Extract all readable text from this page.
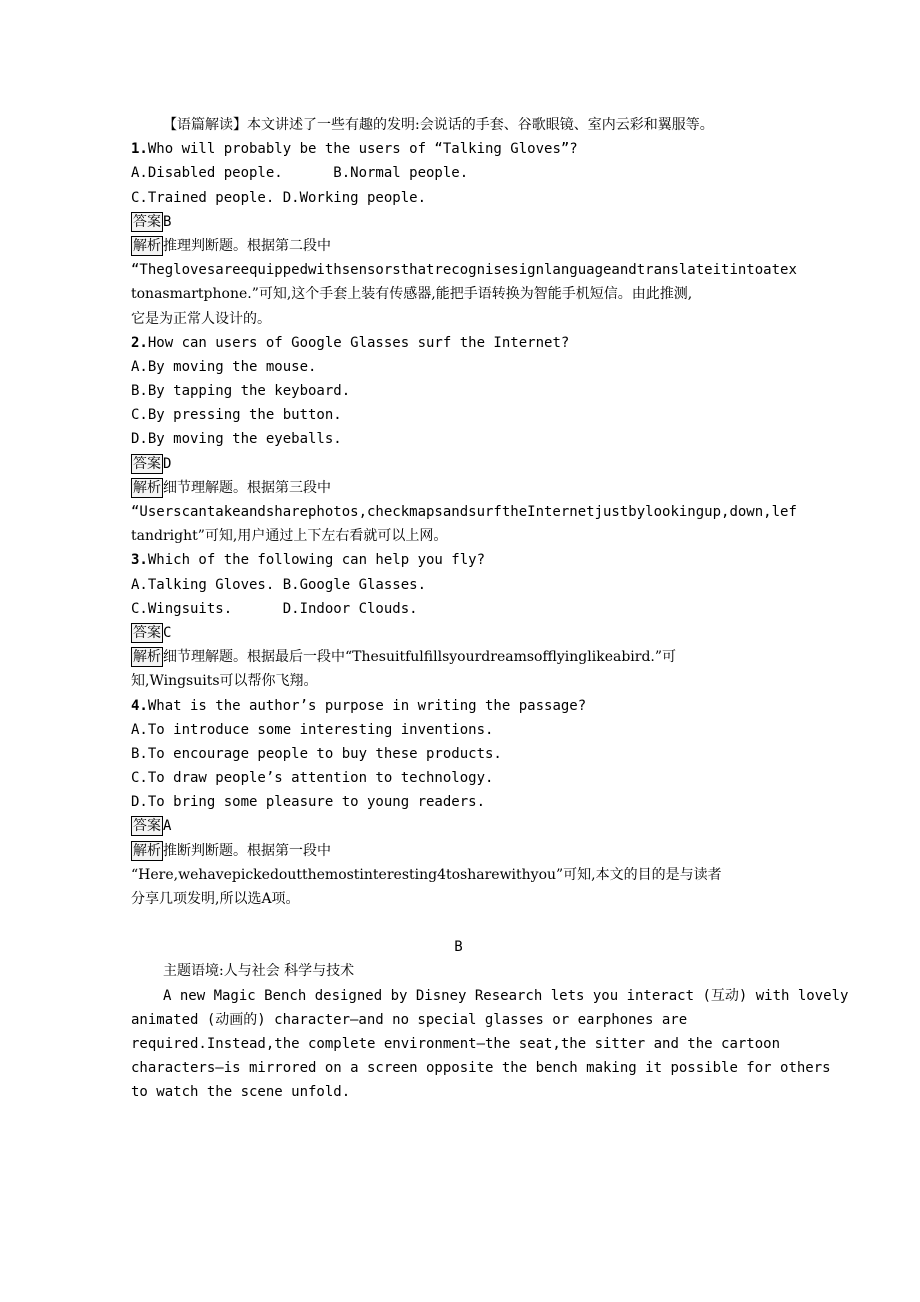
【语篇解读】本文讲述了一些有趣的发明:会说话的手套、谷歌眼镜、室内云彩和翼服等。
1.Who will probably be the users of “Talking Gloves”?
A.Disabled people.      B.Normal people.
C.Trained people. D.Working people.
答案 B
解析 推理判断题。根据第二段中
“Theglovesareequippedwithsensorsthatrecognisesignlanguageandtranslateitintoatex
tonasmartphone.”可知,这个手套上装有传感器,能把手语转换为智能手机短信。由此推测,
它是为正常人设计的。
2.How can users of Google Glasses surf the Internet?
A.By moving the mouse.
B.By tapping the keyboard.
C.By pressing the button.
D.By moving the eyeballs.
答案 D
解析 细节理解题。根据第三段中
“Userscantakeandsharephotos,checkmapsandsurftheInternetjustbylookingup,down,lef
tandright”可知,用户通过上下左右看就可以上网。
3.Which of the following can help you fly?
A.Talking Gloves. B.Google Glasses.
C.Wingsuits.      D.Indoor Clouds.
答案 C
解析 细节理解题。根据最后一段中“Thesuitfulfillsyourdreamsofflyinglikeabird.”可
知,Wingsuits可以帮你飞翔。
4.What is the author’s purpose in writing the passage?
A.To introduce some interesting inventions.
B.To encourage people to buy these products.
C.To draw people’s attention to technology.
D.To bring some pleasure to young readers.
答案 A
解析 推断判断题。根据第一段中
“Here,wehavepickedoutthemostinteresting4tosharewithyou”可知,本文的目的是与读者
分享几项发明,所以选A项。
B
主题语境:人与社会 科学与技术
A new Magic Bench designed by Disney Research lets you interact (互动) with lovely
animated (动画的) character—and no special glasses or earphones are
required.Instead,the complete environment—the seat,the sitter and the cartoon
characters—is mirrored on a screen opposite the bench making it possible for others
to watch the scene unfold.
